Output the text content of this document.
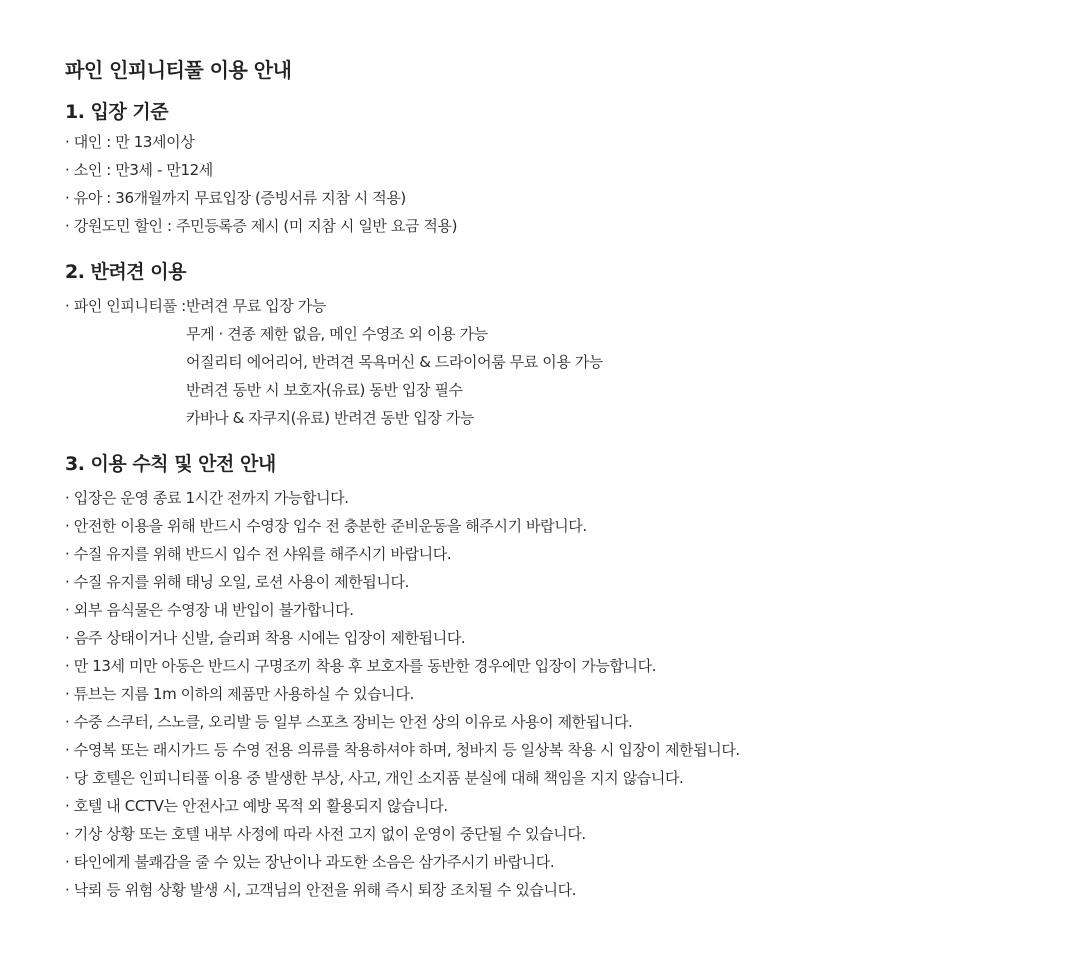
파인 인피니티풀 이용 안내
1. 입장 기준
· 대인 : 만 13세이상
· 소인 : 만3세 - 만12세
· 유아 : 36개월까지 무료입장 (증빙서류 지참 시 적용)
· 강원도민 할인 : 주민등록증 제시 (미 지참 시 일반 요금 적용)
2. 반려견 이용
· 파인 인피니티풀 : 반려견 무료 입장 가능
무게 · 견종 제한 없음, 메인 수영조 외 이용 가능
어질리티 에어리어, 반려견 목욕머신 & 드라이어룸 무료 이용 가능
반려견 동반 시 보호자(유료) 동반 입장 필수
카바나 & 자쿠지(유료) 반려견 동반 입장 가능
3. 이용 수칙 및 안전 안내
· 입장은 운영 종료 1시간 전까지 가능합니다.
· 안전한 이용을 위해 반드시 수영장 입수 전 충분한 준비운동을 해주시기 바랍니다.
· 수질 유지를 위해 반드시 입수 전 샤워를 해주시기 바랍니다.
· 수질 유지를 위해 태닝 오일, 로션 사용이 제한됩니다.
· 외부 음식물은 수영장 내 반입이 불가합니다.
· 음주 상태이거나 신발, 슬리퍼 착용 시에는 입장이 제한됩니다.
· 만 13세 미만 아동은 반드시 구명조끼 착용 후 보호자를 동반한 경우에만 입장이 가능합니다.
· 튜브는 지름 1m 이하의 제품만 사용하실 수 있습니다.
· 수중 스쿠터, 스노클, 오리발 등 일부 스포츠 장비는 안전 상의 이유로 사용이 제한됩니다.
· 수영복 또는 래시가드 등 수영 전용 의류를 착용하셔야 하며, 청바지 등 일상복 착용 시 입장이 제한됩니다.
· 당 호텔은 인피니티풀 이용 중 발생한 부상, 사고, 개인 소지품 분실에 대해 책임을 지지 않습니다.
· 호텔 내 CCTV는 안전사고 예방 목적 외 활용되지 않습니다.
· 기상 상황 또는 호텔 내부 사정에 따라 사전 고지 없이 운영이 중단될 수 있습니다.
· 타인에게 불쾌감을 줄 수 있는 장난이나 과도한 소음은 삼가주시기 바랍니다.
· 낙뢰 등 위험 상황 발생 시, 고객님의 안전을 위해 즉시 퇴장 조치될 수 있습니다.
